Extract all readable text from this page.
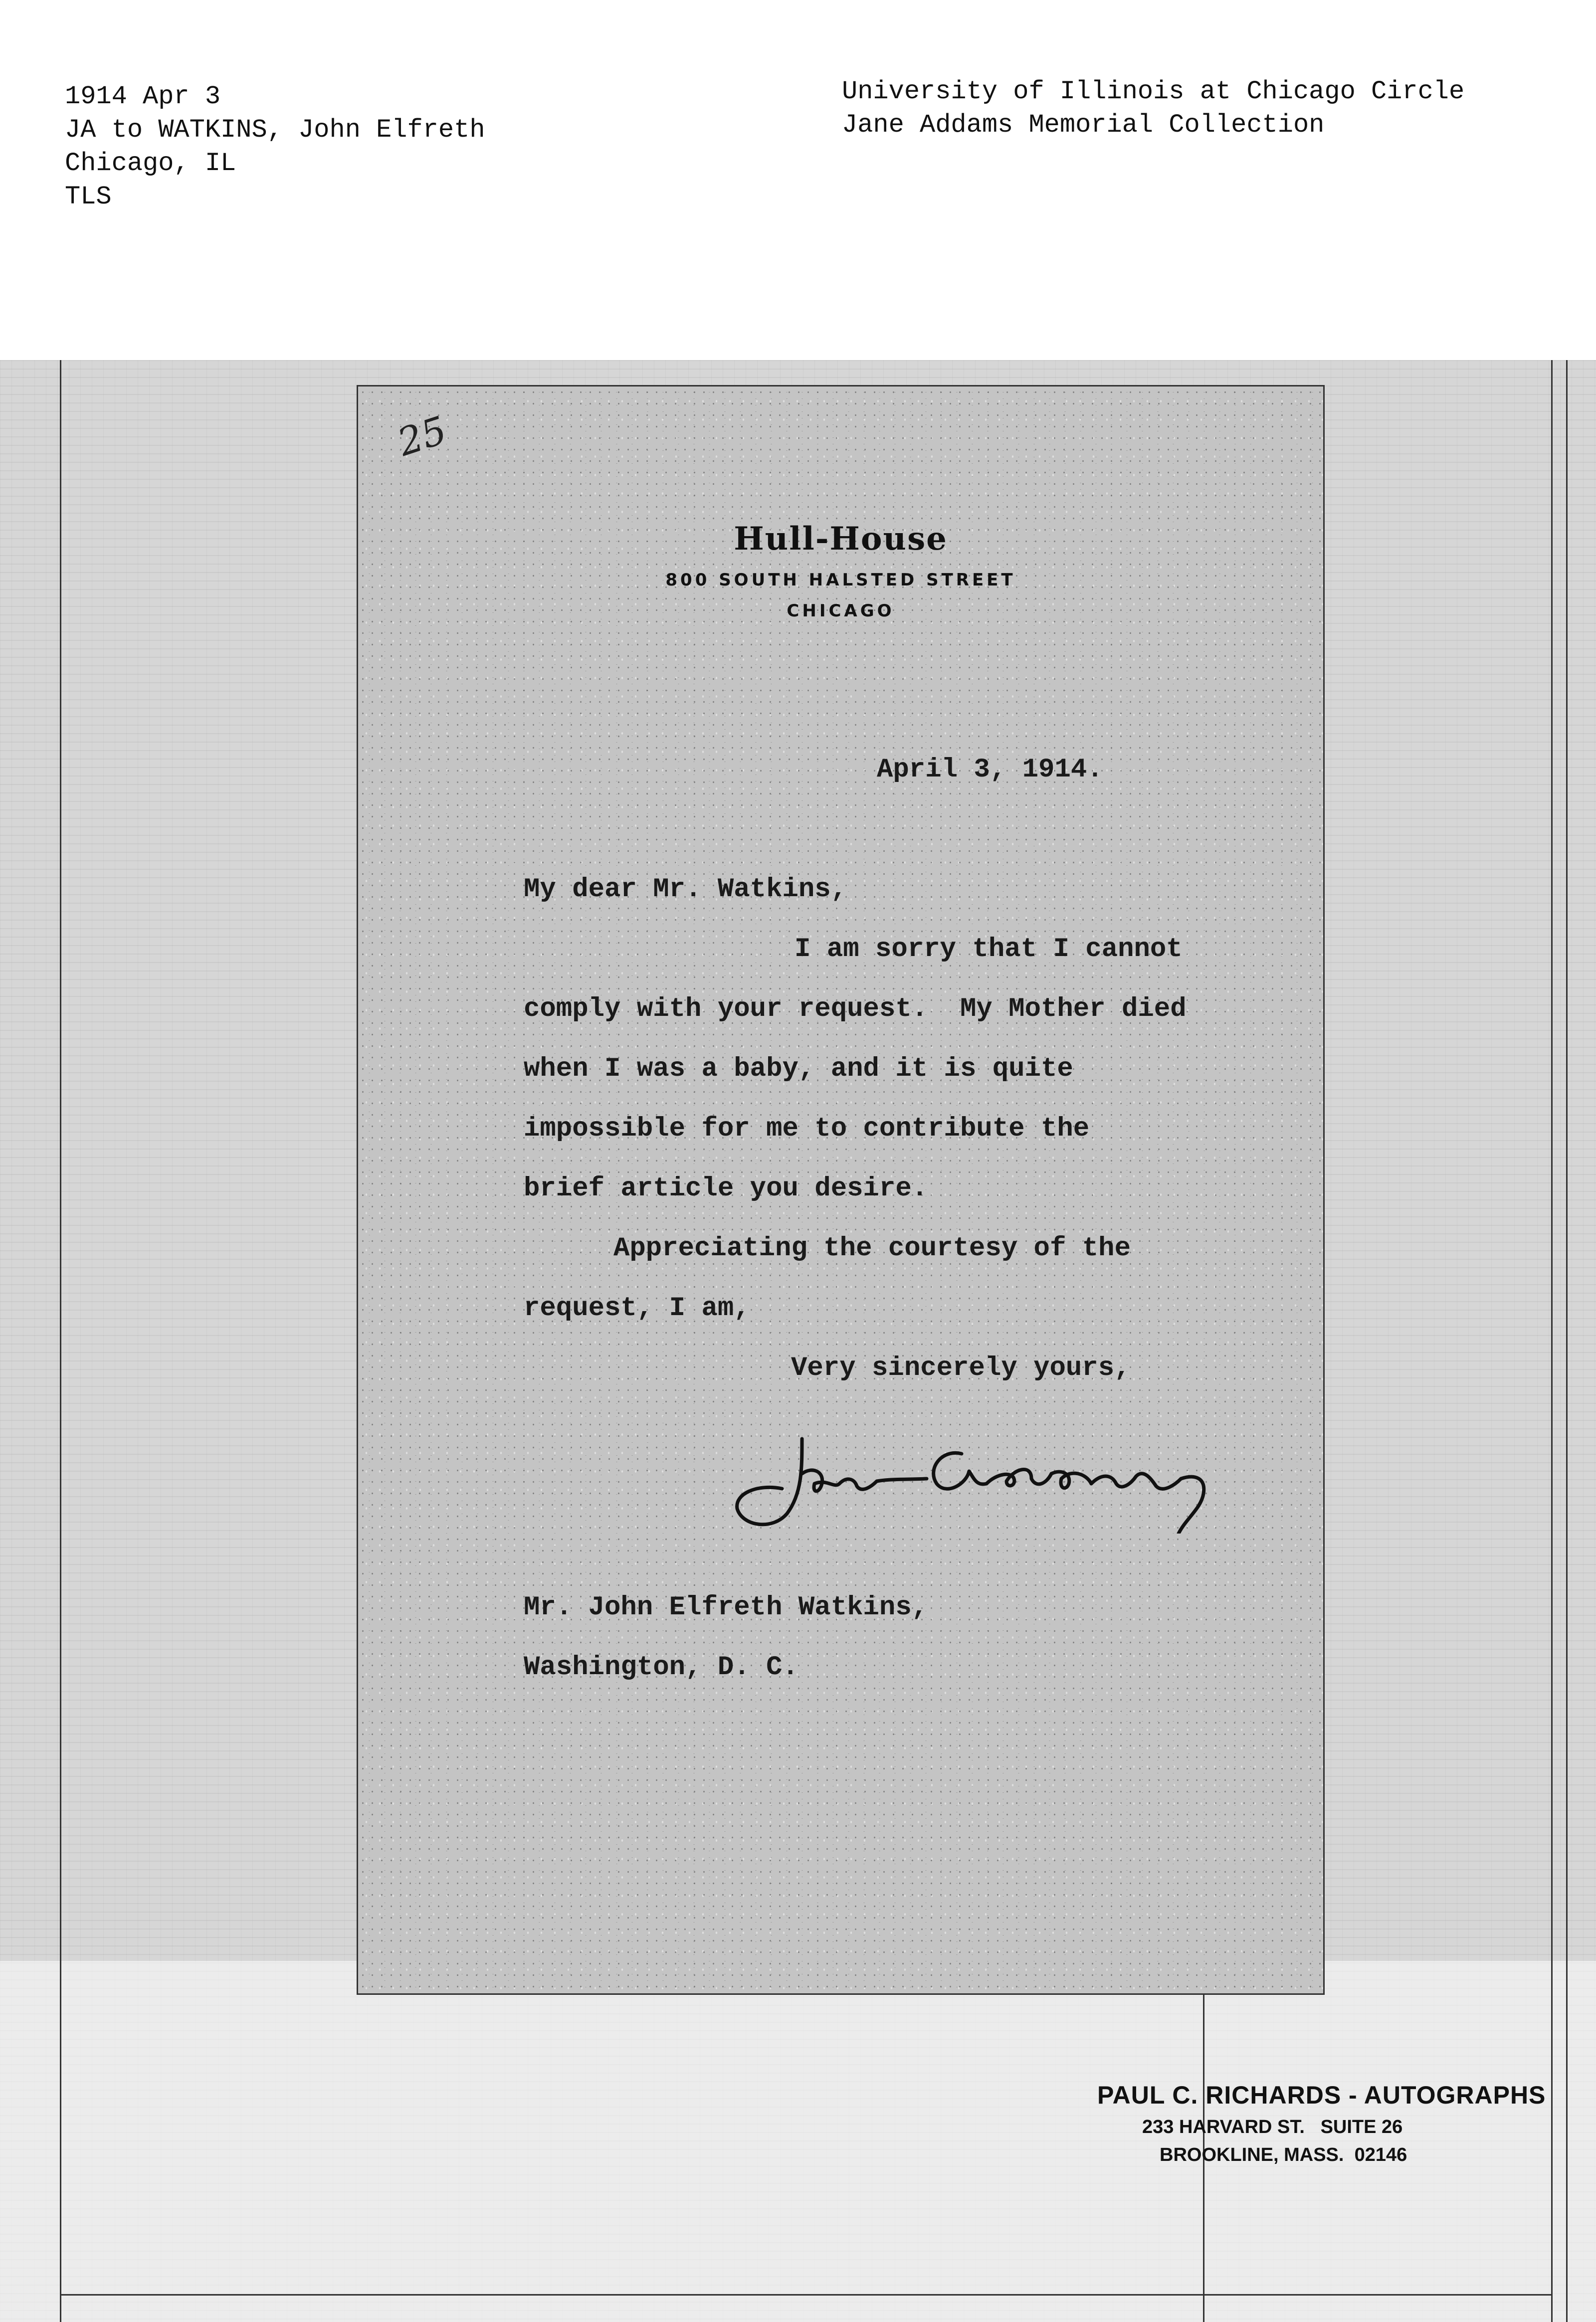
1914 Apr 3
JA to WATKINS, John Elfreth
Chicago, IL
TLS
University of Illinois at Chicago Circle
Jane Addams Memorial Collection
25
Hull-House
800 SOUTH HALSTED STREET
CHICAGO
April 3, 1914.
My dear Mr. Watkins,
I am sorry that I cannot
comply with your request.  My Mother died
when I was a baby, and it is quite
impossible for me to contribute the
brief article you desire.
Appreciating the courtesy of the
request, I am,
Very sincerely yours,
Mr. John Elfreth Watkins,
Washington, D. C.
PAUL C. RICHARDS - AUTOGRAPHS
233 HARVARD ST.   SUITE 26
BROOKLINE, MASS.  02146
